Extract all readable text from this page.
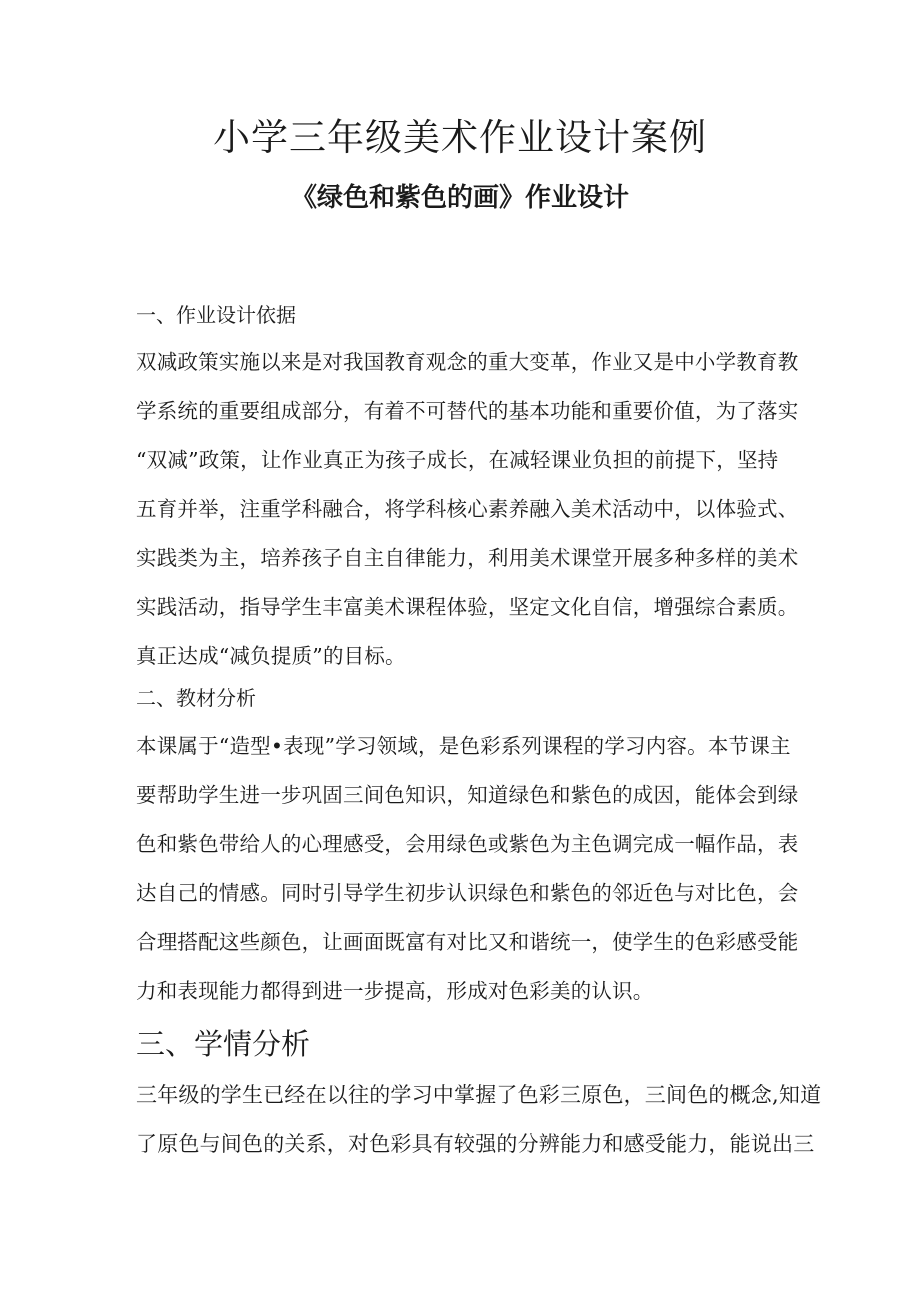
小学三年级美术作业设计案例
《绿色和紫色的画》作业设计
一、作业设计依据
双减政策实施以来是对我国教育观念的重大变革，作业又是中小学教育教
学系统的重要组成部分，有着不可替代的基本功能和重要价值，为了落实
“双减”政策，让作业真正为孩子成长，在减轻课业负担的前提下，坚持
五育并举，注重学科融合，将学科核心素养融入美术活动中，以体验式、
实践类为主，培养孩子自主自律能力，利用美术课堂开展多种多样的美术
实践活动，指导学生丰富美术课程体验，坚定文化自信，增强综合素质。
真正达成“减负提质”的目标。
二、教材分析
本课属于“造型•表现”学习领域，是色彩系列课程的学习内容。本节课主
要帮助学生进一步巩固三间色知识，知道绿色和紫色的成因，能体会到绿
色和紫色带给人的心理感受，会用绿色或紫色为主色调完成一幅作品，表
达自己的情感。同时引导学生初步认识绿色和紫色的邻近色与对比色，会
合理搭配这些颜色，让画面既富有对比又和谐统一，使学生的色彩感受能
力和表现能力都得到进一步提高，形成对色彩美的认识。
三、学情分析
三年级的学生已经在以往的学习中掌握了色彩三原色，三间色的概念,知道
了原色与间色的关系，对色彩具有较强的分辨能力和感受能力，能说出三
